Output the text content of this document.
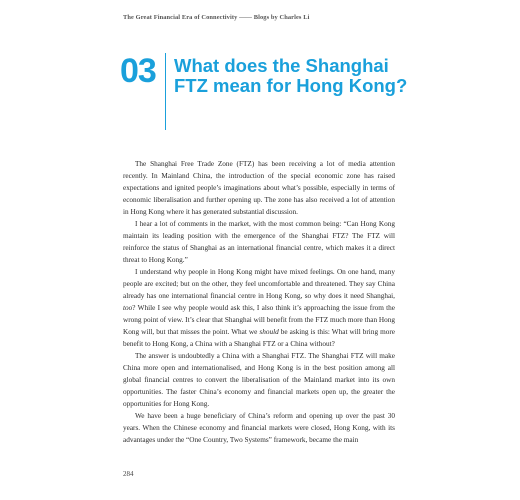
The Great Financial Era of Connectivity —— Blogs by Charles Li
03 What does the Shanghai
FTZ mean for Hong Kong?

The Shanghai Free Trade Zone (FTZ) has been receiving a lot of media attention recently. In Mainland China, the introduction of the special economic zone has raised expectations and ignited people’s imaginations about what’s possible, especially in terms of economic liberalisation and further opening up. The zone has also received a lot of attention in Hong Kong where it has generated substantial discussion.

I hear a lot of comments in the market, with the most common being: “Can Hong Kong maintain its leading position with the emergence of the Shanghai FTZ? The FTZ will reinforce the status of Shanghai as an international financial centre, which makes it a direct threat to Hong Kong.”

I understand why people in Hong Kong might have mixed feelings. On one hand, many people are excited; but on the other, they feel uncomfortable and threatened. They say China already has one international financial centre in Hong Kong, so why does it need Shanghai, too? While I see why people would ask this, I also think it’s approaching the issue from the wrong point of view. It’s clear that Shanghai will benefit from the FTZ much more than Hong Kong will, but that misses the point. What we should be asking is this: What will bring more benefit to Hong Kong, a China with a Shanghai FTZ or a China without?

The answer is undoubtedly a China with a Shanghai FTZ. The Shanghai FTZ will make China more open and internationalised, and Hong Kong is in the best position among all global financial centres to convert the liberalisation of the Mainland market into its own opportunities. The faster China’s economy and financial markets open up, the greater the opportunities for Hong Kong.

We have been a huge beneficiary of China’s reform and opening up over the past 30 years. When the Chinese economy and financial markets were closed, Hong Kong, with its advantages under the “One Country, Two Systems” framework, became the main

284
